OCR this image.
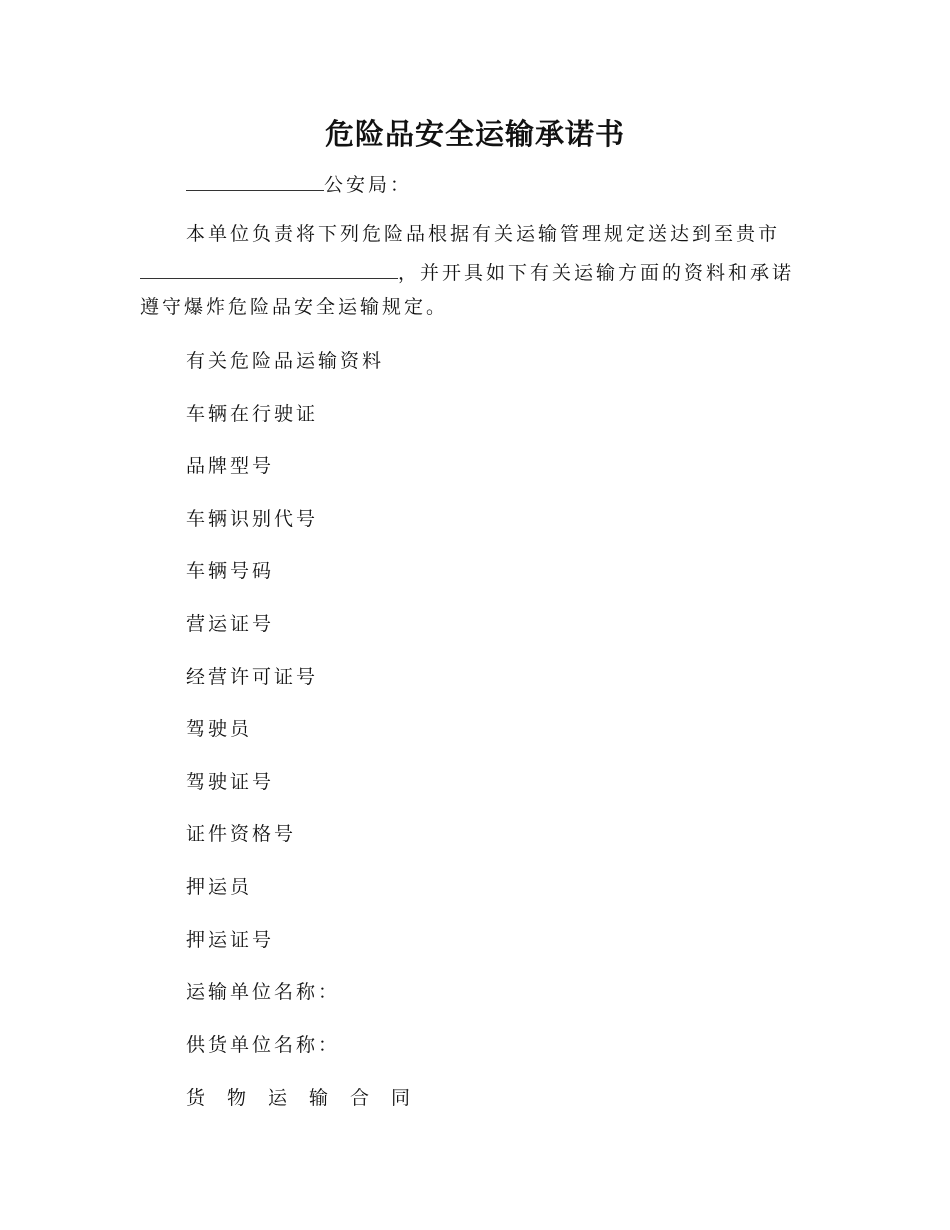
危险品安全运输承诺书
公安局：
本单位负责将下列危险品根据有关运输管理规定送达到至贵市
，并开具如下有关运输方面的资料和承诺
遵守爆炸危险品安全运输规定。
有关危险品运输资料
车辆在行驶证
品牌型号
车辆识别代号
车辆号码
营运证号
经营许可证号
驾驶员
驾驶证号
证件资格号
押运员
押运证号
运输单位名称：
供货单位名称：
货物运输合同
